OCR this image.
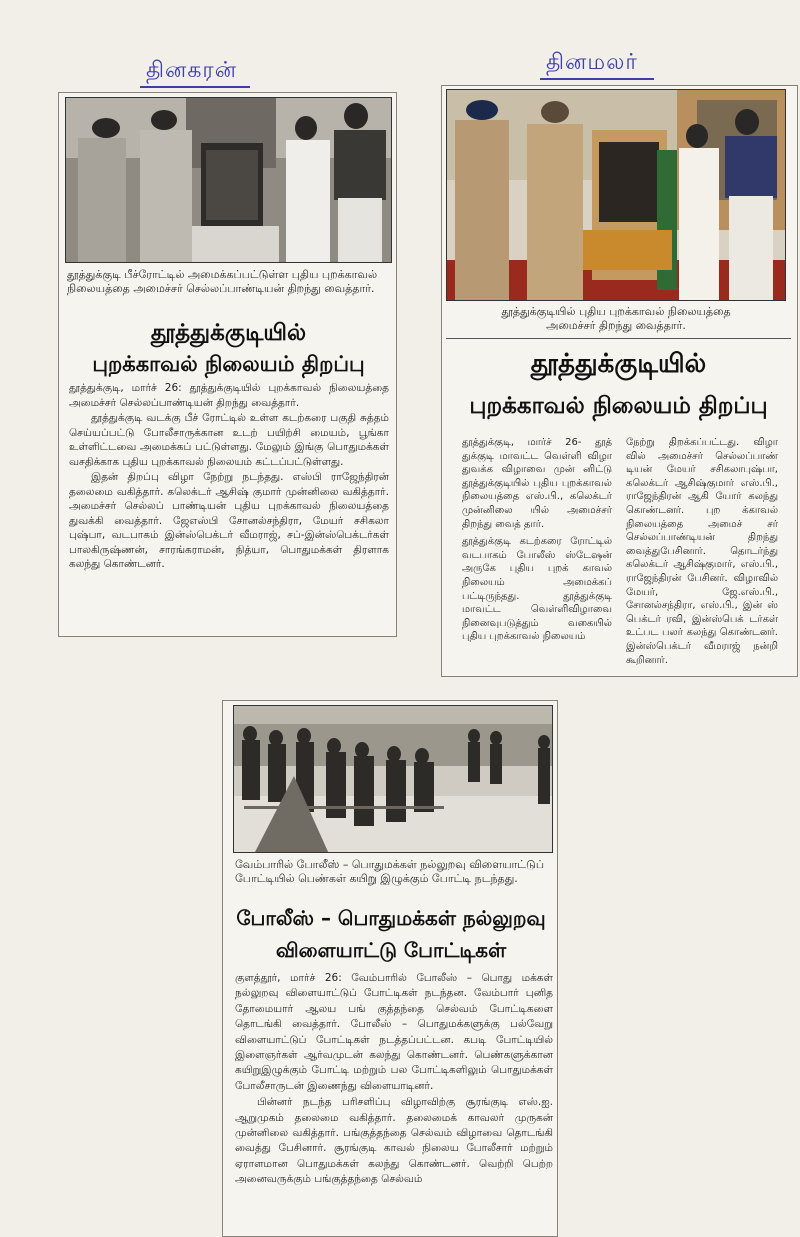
தினகரன்	தினமலர்
தூத்துக்குடி பீச்ரோட்டில் அமைக்கப்பட்டுள்ள புதிய புறக்காவல் நிலையத்தை அமைச்சர் செல்லப்பாண்டியன் திறந்து வைத்தார்.
தூத்துக்குடியில்
புறக்காவல் நிலையம் திறப்பு

தூத்துக்குடி, மார்ச் 26: தூத்துக்குடியில் புறக்காவல் நிலையத்தை அமைச்சர் செல்லப்பாண்டியன் திறந்து வைத்தார்.

தூத்துக்குடி வடக்கு பீச் ரோட்டில் உள்ள கடற்கரை பகுதி சுத்தம் செய்யப்பட்டு போலீசாருக்கான உடற் பயிற்சி மையம், பூங்கா உள்ளிட்டவை அமைக்கப் பட்டுள்ளது. மேலும் இங்கு பொதுமக்கள் வசதிக்காக புதிய புறக்காவல் நிலையம் கட்டப்பட்டுள்ளது.

இதன் திறப்பு விழா நேற்று நடந்தது. எஸ்பி ராஜேந்திரன் தலைமை வகித்தார். கலெக்டர் ஆசிஷ் குமார் முன்னிலை வகித்தார். அமைச்சர் செல்லப் பாண்டியன் புதிய புறக்காவல் நிலையத்தை துவக்கி வைத்தார். ஜேஎஸ்பி சோனல்சந்திரா, மேயர் சசிகலா புஷ்பா, வடபாகம் இன்ஸ்பெக்டர் வீமராஜ், சப்-இன்ஸ்பெக்டர்கள் பாலகிருஷ்ணன், சாரங்கராமன், நித்யா, பொதுமக்கள் திரளாக கலந்து கொண்டனர்.

தூத்துக்குடியில் புதிய புறக்காவல் நிலையத்தை
அமைச்சர் திறந்து வைத்தார்.
தூத்துக்குடியில்
புறக்காவல் நிலையம் திறப்பு

தூத்துக்குடி, மார்ச் 26- தூத் துக்குடி மாவட்ட வெள்ளி விழா துவக்க விழாவை முன் னிட்டு தூத்துக்குடியில் புதிய புறக்காவல் நிலையத்தை எஸ்.பி., கலெக்டர் முன்னிலை யில் அமைச்சர் திறந்து வைத் தார்.

தூத்துக்குடி கடற்கரை ரோட்டில் வடபாகம் போலீஸ் ஸ்டேஷன் அருகே புதிய புறக் காவல் நிலையம் அமைக்கப் பட்டிருந்தது. தூத்துக்குடி மாவட்ட வெள்ளிவிழாவை நினைவுபடுத்தும் வகையில் புதிய புறக்காவல் நிலையம்

நேற்று திறக்கப்பட்டது. விழா வில் அமைச்சர் செல்லப்பாண் டியன் மேயர் சசிகலாபுஷ்பா, கலெக்டர் ஆசிஷ்குமார் எஸ்.பி., ராஜேந்திரன் ஆகி யோர் கலந்து கொண்டனர். புற க்காவல் நிலையத்தை அமைச் சர் செல்லப்பாண்டியன் திறந்து வைத்துபேசினார். தொடர்ந்து கலெக்டர் ஆசிஷ்குமார், எஸ்.பி., ராஜேந்திரன் பேசினர். விழாவில் மேயர், ஜே.எஸ்.பி., சோனல்சந்திரா, எஸ்.பி., இன் ஸ் பெக்டர் ரவி, இன்ஸ்பெக் டர்கள் உட்பட பலர் கலந்து கொண்டனர். இன்ஸ்பெக்டர் வீமராஜ் நன்றி கூறினார்.

வேம்பாரில் போலீஸ் – பொதுமக்கள் நல்லுறவு விளையாட்டுப் போட்டியில் பெண்கள் கயிறு இழுக்கும் போட்டி நடந்தது.
போலீஸ் – பொதுமக்கள் நல்லுறவு
விளையாட்டு போட்டிகள்

குளத்தூர், மார்ச் 26: வேம்பாரில் போலீஸ் – பொது மக்கள் நல்லுறவு விளையாட்டுப் போட்டிகள் நடந்தன. வேம்பார் புனித தோமையார் ஆலய பங் குத்தந்தை செல்வம் போட்டிகளை தொடங்கி வைத்தார். போலீஸ் – பொதுமக்களுக்கு பல்வேறு விளையாட்டுப் போட்டிகள் நடத்தப்பட்டன. கபடி போட்டியில் இளைஞர்கள் ஆர்வமுடன் கலந்து கொண்டனர். பெண்களுக்கான கயிறுஇழுக்கும் போட்டி மற்றும் பல போட்டிகளிலும் பொதுமக்கள் போலீசாருடன் இணைந்து விளையாடினர்.

பின்னர் நடந்த பரிசளிப்பு விழாவிற்கு சூரங்குடி எஸ்.ஐ. ஆறுமுகம் தலைமை வகித்தார். தலைமைக் காவலர் முருகன் முன்னிலை வகித்தார். பங்குத்தந்தை செல்வம் விழாவை தொடங்கி வைத்து பேசினார். சூரங்குடி காவல் நிலைய போலீசார் மற்றும் ஏராளமான பொதுமக்கள் கலந்து கொண்டனர். வெற்றி பெற்ற அனைவருக்கும் பங்குத்தந்தை செல்வம்
